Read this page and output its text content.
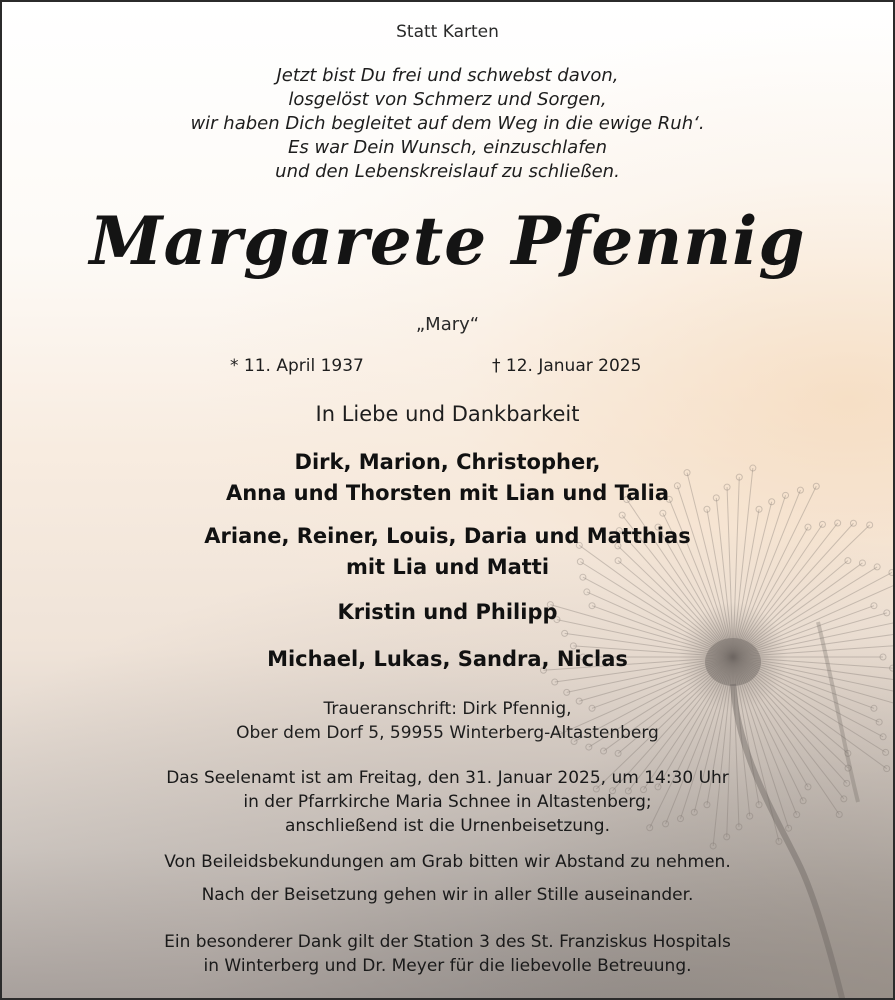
Statt Karten
Jetzt bist Du frei und schwebst davon,
losgelöst von Schmerz und Sorgen,
wir haben Dich begleitet auf dem Weg in die ewige Ruh‘.
Es war Dein Wunsch, einzuschlafen
und den Lebenskreislauf zu schließen.
Margarete Pfennig
„Mary“
* 11. April 1937	† 12. Januar 2025
In Liebe und Dankbarkeit
Dirk, Marion, Christopher,
Anna und Thorsten mit Lian und Talia
Ariane, Reiner, Louis, Daria und Matthias
mit Lia und Matti
Kristin und Philipp
Michael, Lukas, Sandra, Niclas
Traueranschrift: Dirk Pfennig,
Ober dem Dorf 5, 59955 Winterberg-Altastenberg
Das Seelenamt ist am Freitag, den 31. Januar 2025, um 14:30 Uhr
in der Pfarrkirche Maria Schnee in Altastenberg;
anschließend ist die Urnenbeisetzung.
Von Beileidsbekundungen am Grab bitten wir Abstand zu nehmen.
Nach der Beisetzung gehen wir in aller Stille auseinander.
Ein besonderer Dank gilt der Station 3 des St. Franziskus Hospitals
in Winterberg und Dr. Meyer für die liebevolle Betreuung.
